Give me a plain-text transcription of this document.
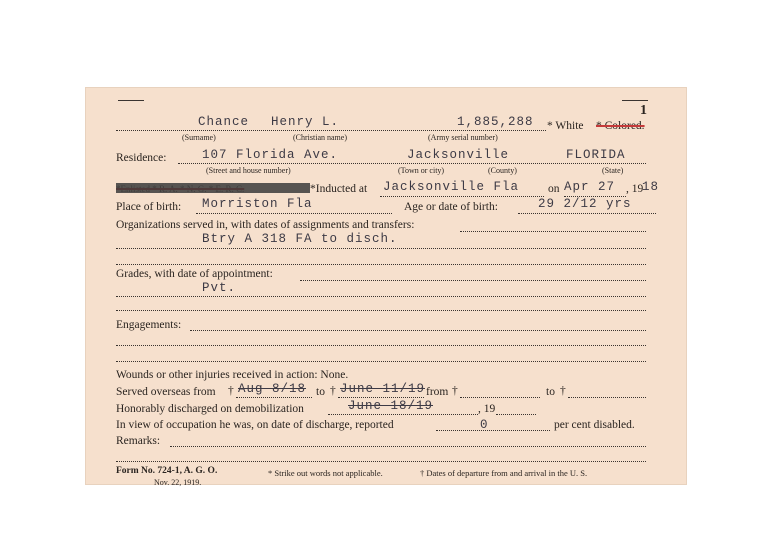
1
Chance Henry L.	1,885,288 * White * Colored.
(Surname)	(Christian name)	(Army serial number)
Residence:	107 Florida Ave.	Jacksonville	FLORIDA
(Street and house number)	(Town or city)	(County)	(State)
*Inducted at Jacksonville Fla	on Apr 27 , 19
18
Place of birth: Morriston Fla	Age or date of birth:	29 2/12 yrs
Organizations served in, with dates of assignments and transfers:
Btry A 318 FA to disch.
Grades, with date of appointment:
Pvt.
Engagements:
Wounds or other injuries received in action: None.
Served overseas from † Aug 8/18 to † June 11/19 from †	to †
Honorably discharged on demobilization	June 18/19	, 19
In view of occupation he was, on date of discharge, reported	0	per cent disabled.
Remarks:
Form No. 724-1, A. G. O.
Nov. 22, 1919.
* Strike out words not applicable.	† Dates of departure from and arrival in the U. S.
